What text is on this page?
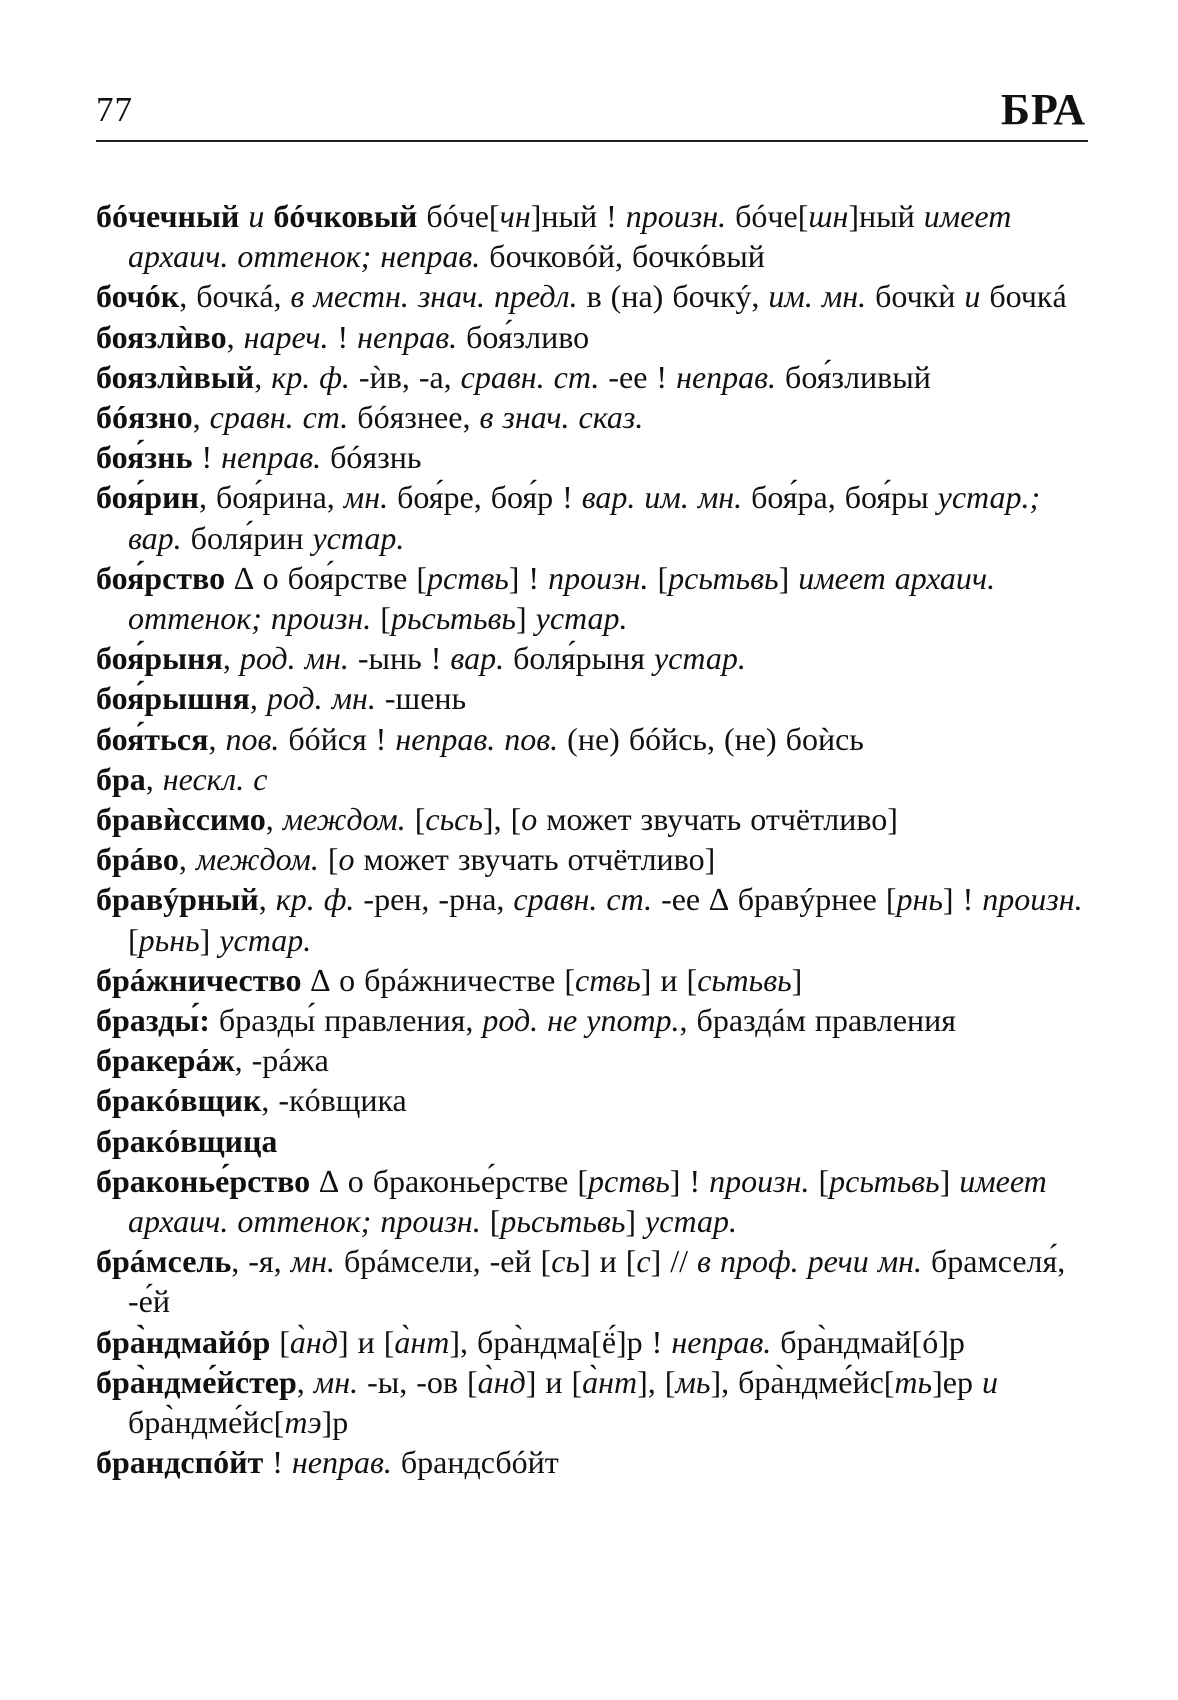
77	БРА

бóчечный и бóчковый бóче[чн]ный ! произн. бóче[шн]ный имеет архаич. оттенок; неправ. бочковóй, бочкóвый

бочóк, бочкá, в местн. знач. предл. в (на) бочкý, им. мн. бочкѝ и бочкá

боязлѝво, нареч. ! неправ. боя́зливо

боязлѝвый, кр. ф. -ѝв, -а, сравн. ст. -ее ! неправ. боя́зливый

бóязно, сравн. ст. бóязнее, в знач. сказ.

боя́знь ! неправ. бóязнь

боя́рин, боя́рина, мн. боя́ре, боя́р ! вар. им. мн. боя́ра, боя́ры устар.; вар. боля́рин устар.

боя́рство ∆ о боя́рстве [рствь] ! произн. [рсьтьвь] имеет архаич. оттенок; произн. [рьсьтьвь] устар.

боя́рыня, род. мн. -ынь ! вар. боля́рыня устар.

боя́рышня, род. мн. -шень

боя́ться, пов. бóйся ! неправ. пов. (не) бóйсь, (не) боѝсь

бра, нескл. с

бравѝссимо, междом. [сьсь], [о может звучать отчётливо]

брáво, междом. [о может звучать отчётливо]

бравýрный, кр. ф. -рен, -рна, сравн. ст. -ее ∆ бравýрнее [рнь] ! произн. [рьнь] устар.

брáжничество ∆ о брáжничестве [ствь] и [сьтьвь]

бразды́: бразды́ правления, род. не употр., браздáм правления

бракерáж, -рáжа

бракóвщик, -кóвщика

бракóвщица

браконье́рство ∆ о браконье́рстве [рствь] ! произн. [рсьтьвь] имеет архаич. оттенок; произн. [рьсьтьвь] устар.

брáмсель, -я, мн. брáмсели, -ей [сь] и [с] // в проф. речи мн. брамселя́, -е́й

бра̀ндмайóр [а̀нд] и [а̀нт], бра̀ндма[ё́]р ! неправ. бра̀ндмай[ó]р

бра̀ндме́йстер, мн. -ы, -ов [а̀нд] и [а̀нт], [мь], бра̀ндме́йс[ть]ер и бра̀ндме́йс[тэ]р

брандспóйт ! неправ. брандсбóйт
